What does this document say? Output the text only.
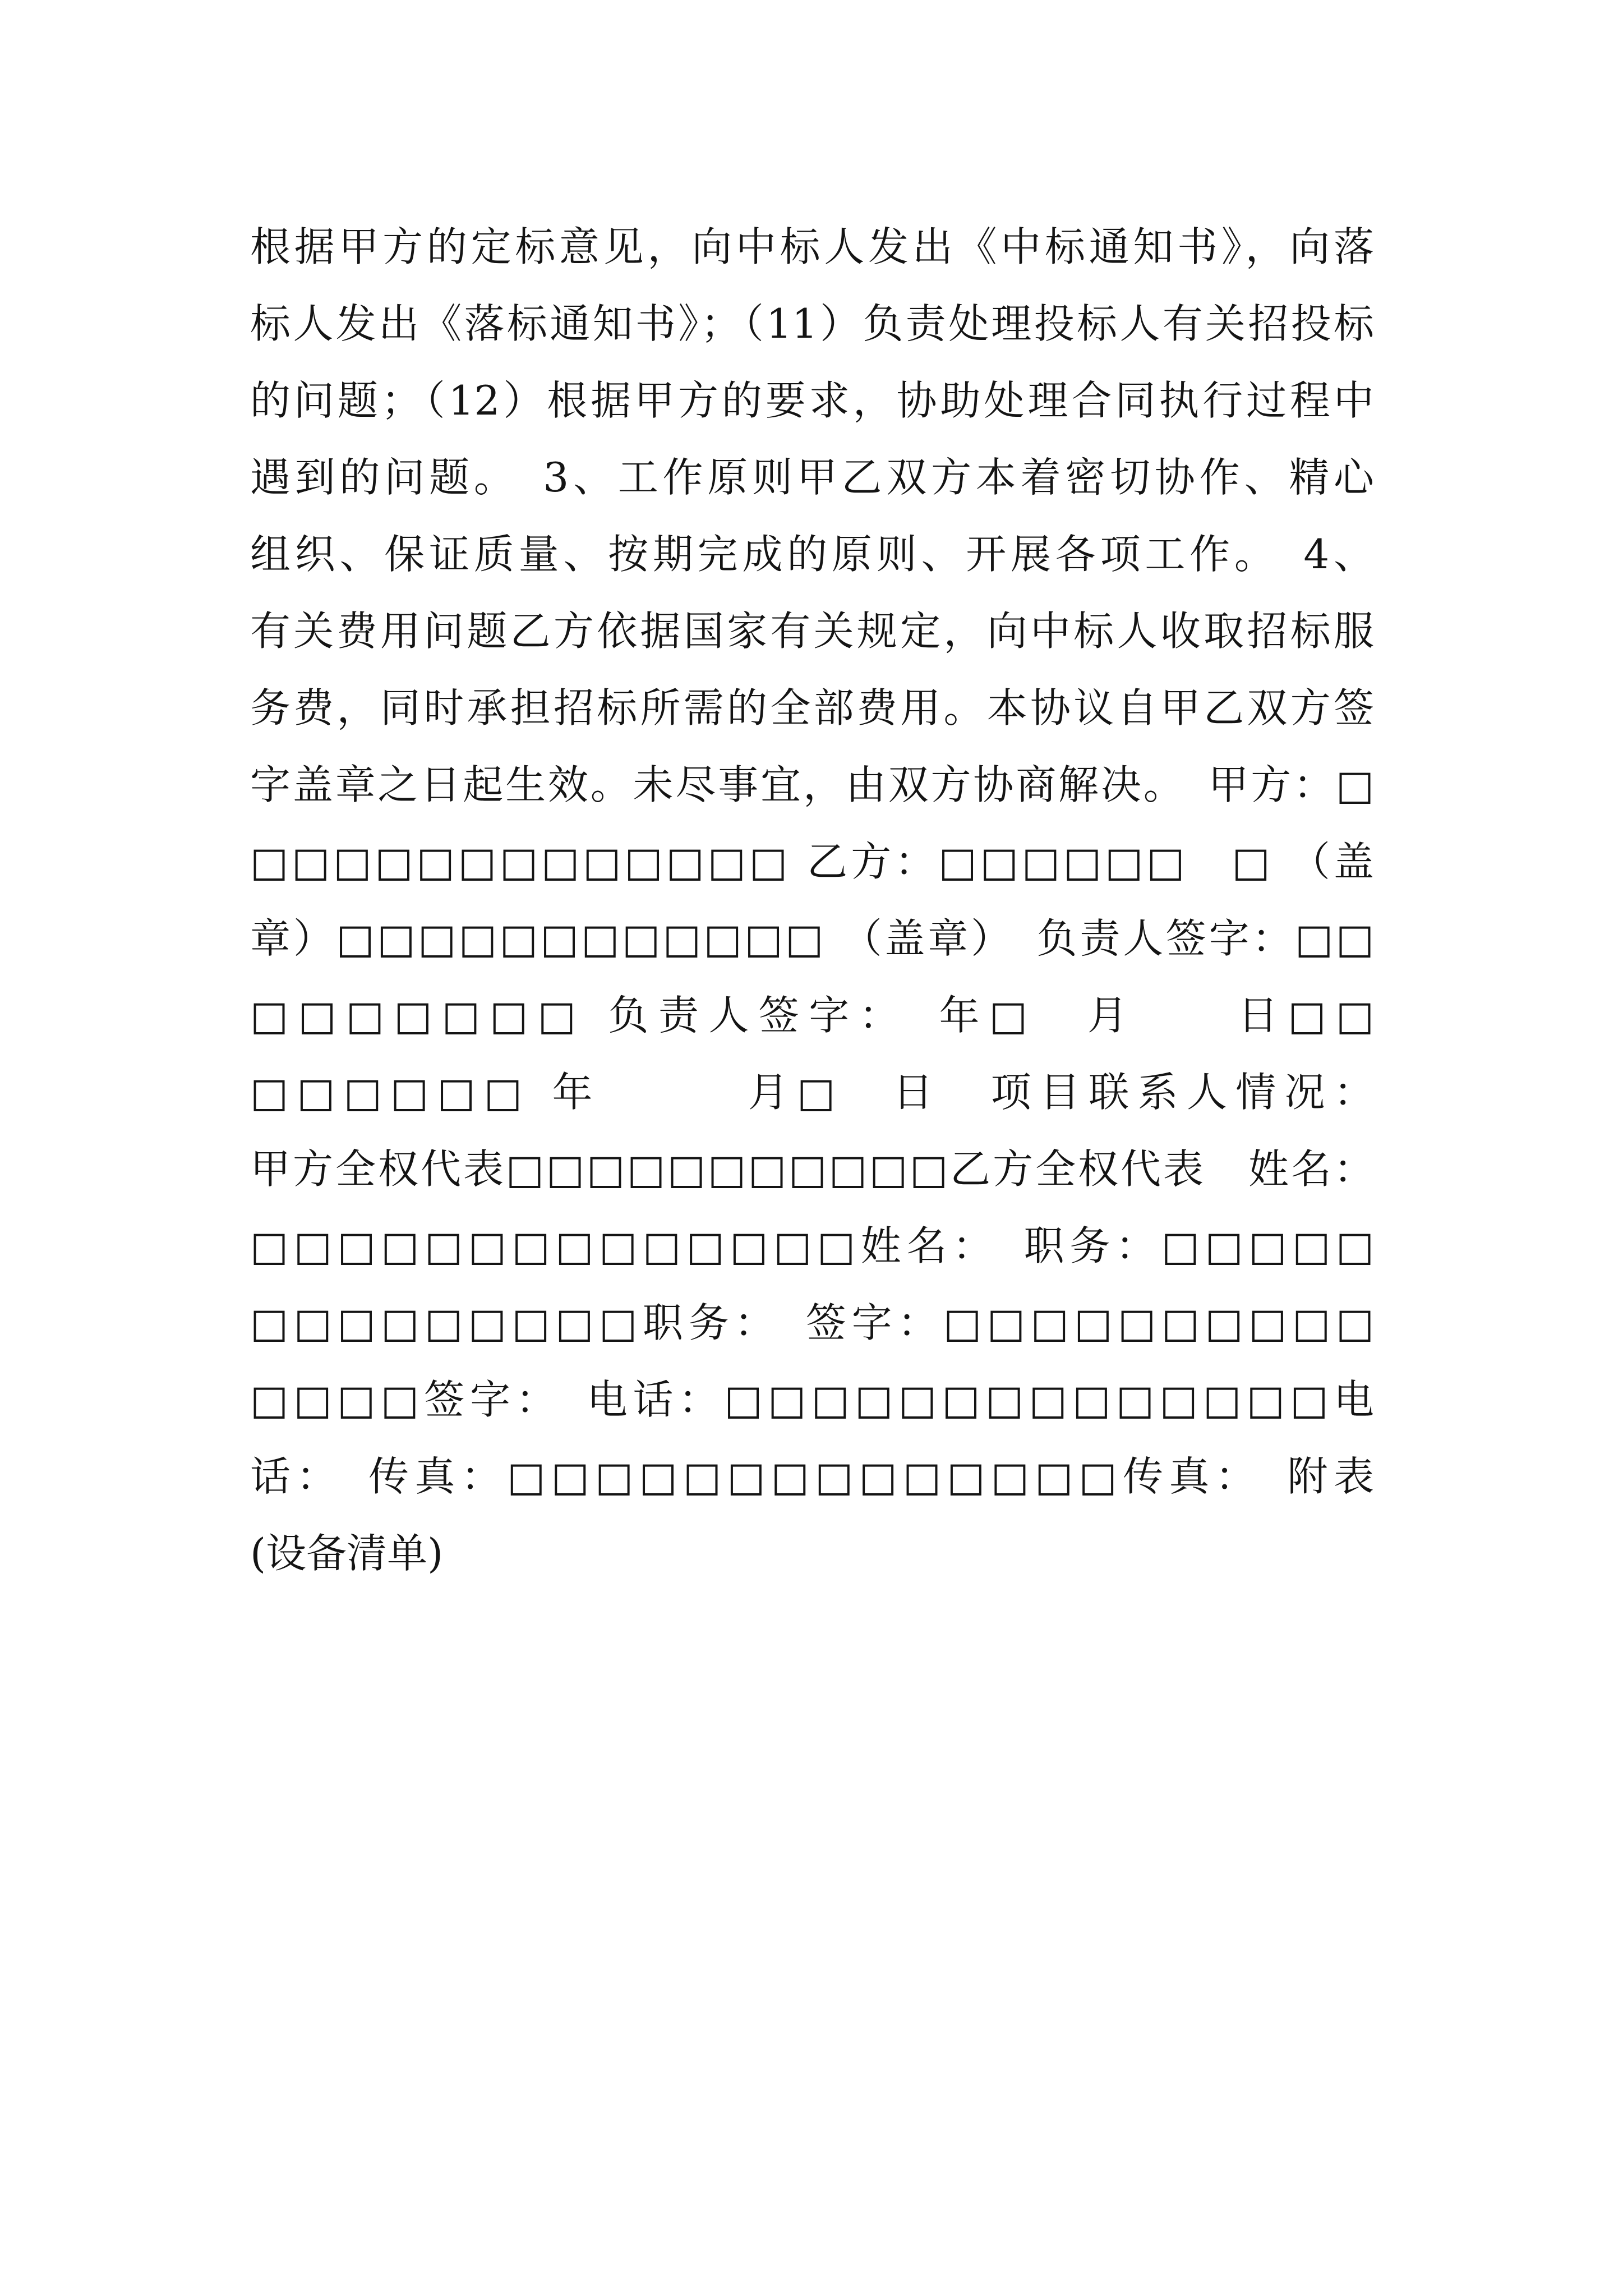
根据甲方的定标意见，向中标人发出《中标通知书》，向落
标人发出《落标通知书》；（11）负责处理投标人有关招投标
的问题；（12）根据甲方的要求，协助处理合同执行过程中
遇到的问题。　3、工作原则甲乙双方本着密切协作、精心
组织、保证质量、按期完成的原则、开展各项工作。　4、
有关费用问题乙方依据国家有关规定，向中标人收取招标服
务费，同时承担招标所需的全部费用。本协议自甲乙双方签
字盖章之日起生效。未尽事宜，由双方协商解决。　甲方：□
□□□□□□□□□□□□□ 乙方：□□□□□□　□ （盖
章）□□□□□□□□□□□□ （盖章）　负责人签字：□□
□□□□□□□ 负责人签字：　年□　月　　日□□
□□□□□□ 年　　　月□　日　项目联系人情况：
甲方全权代表□□□□□□□□□□□乙方全权代表　姓名：
□□□□□□□□□□□□□□姓名：　职务：□□□□□
□□□□□□□□□职务：　签字：□□□□□□□□□□
□□□□签字：　电话：□□□□□□□□□□□□□□电
话：　传真：□□□□□□□□□□□□□□传真：　附表
(设备清单)
